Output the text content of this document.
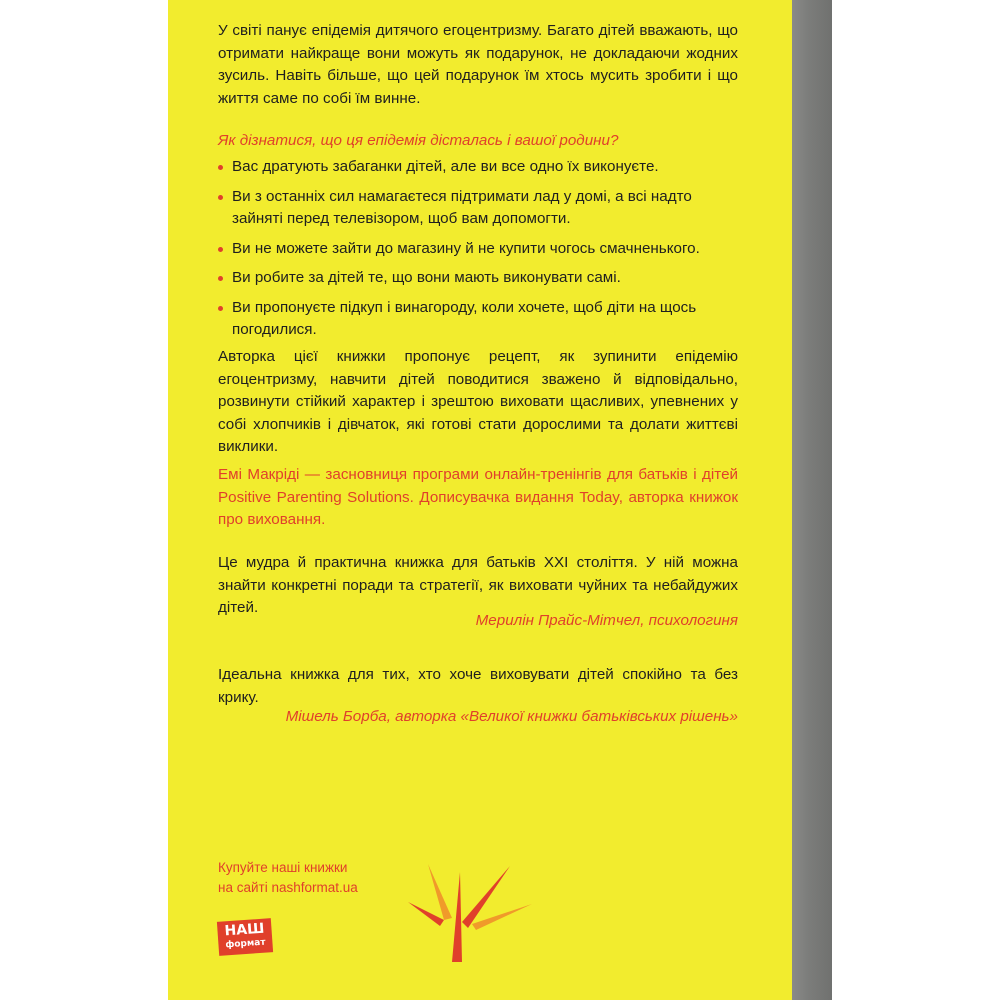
У світі панує епідемія дитячого егоцентризму. Багато дітей вважають, що отримати найкраще вони можуть як подарунок, не докладаючи жодних зусиль. Навіть більше, що цей подарунок їм хтось мусить зробити і що життя саме по собі їм винне.

Як дізнатися, що ця епідемія дісталась і вашої родини?

Вас дратують забаганки дітей, але ви все одно їх виконуєте.
Ви з останніх сил намагаєтеся підтримати лад у домі, а всі надто зайняті перед телевізором, щоб вам допомогти.
Ви не можете зайти до магазину й не купити чогось смачненького.
Ви робите за дітей те, що вони мають виконувати самі.
Ви пропонуєте підкуп і винагороду, коли хочете, щоб діти на щось погодилися.

Авторка цієї книжки пропонує рецепт, як зупинити епідемію егоцентризму, навчити дітей поводитися зважено й відповідально, розвинути стійкий характер і зрештою виховати щасливих, упевнених у собі хлопчиків і дівчаток, які готові стати дорослими та долати життєві виклики.

Емі Макріді — засновниця програми онлайн-тренінгів для батьків і дітей Positive Parenting Solutions. Дописувачка видання Today, авторка книжок про виховання.

Це мудра й практична книжка для батьків XXI століття. У ній можна знайти конкретні поради та стратегії, як виховати чуйних та небайдужих дітей.

Мерилін Прайс-Мітчел, психологиня

Ідеальна книжка для тих, хто хоче виховувати дітей спокійно та без крику.

Мішель Борба, авторка «Великої книжки батьківських рішень»

Купуйте наші книжки
на сайті nashformat.ua

НАШ
формат
